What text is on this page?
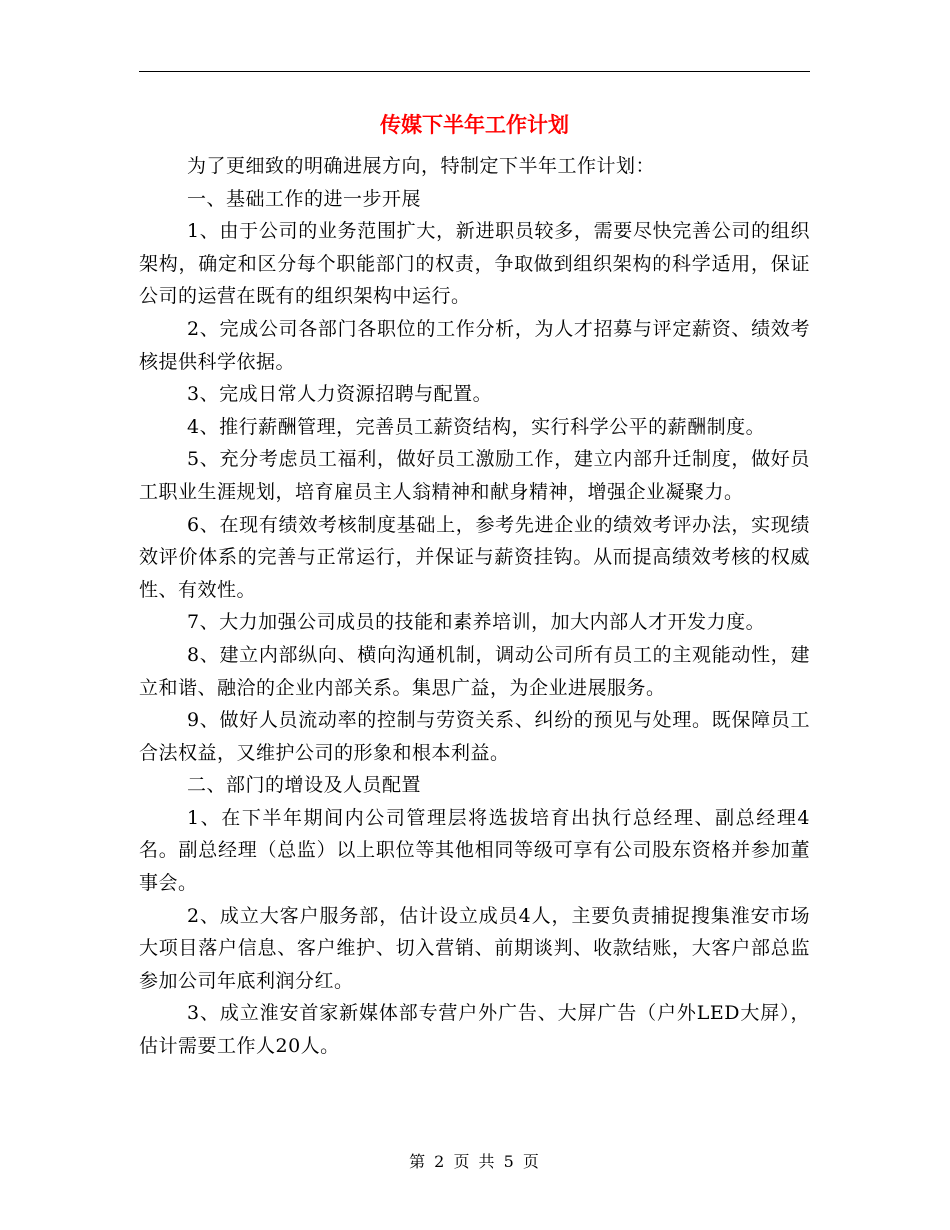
传媒下半年工作计划

为了更细致的明确进展方向，特制定下半年工作计划：

一、基础工作的进一步开展

1、由于公司的业务范围扩大，新进职员较多，需要尽快完善公司的组织架构，确定和区分每个职能部门的权责，争取做到组织架构的科学适用，保证公司的运营在既有的组织架构中运行。

2、完成公司各部门各职位的工作分析，为人才招募与评定薪资、绩效考核提供科学依据。

3、完成日常人力资源招聘与配置。

4、推行薪酬管理，完善员工薪资结构，实行科学公平的薪酬制度。

5、充分考虑员工福利，做好员工激励工作，建立内部升迁制度，做好员工职业生涯规划，培育雇员主人翁精神和献身精神，增强企业凝聚力。

6、在现有绩效考核制度基础上，参考先进企业的绩效考评办法，实现绩效评价体系的完善与正常运行，并保证与薪资挂钩。从而提高绩效考核的权威性、有效性。

7、大力加强公司成员的技能和素养培训，加大内部人才开发力度。

8、建立内部纵向、横向沟通机制，调动公司所有员工的主观能动性，建立和谐、融洽的企业内部关系。集思广益，为企业进展服务。

9、做好人员流动率的控制与劳资关系、纠纷的预见与处理。既保障员工合法权益，又维护公司的形象和根本利益。

二、部门的增设及人员配置

1、在下半年期间内公司管理层将选拔培育出执行总经理、副总经理4名。副总经理（总监）以上职位等其他相同等级可享有公司股东资格并参加董事会。

2、成立大客户服务部，估计设立成员4人，主要负责捕捉搜集淮安市场大项目落户信息、客户维护、切入营销、前期谈判、收款结账，大客户部总监参加公司年底利润分红。

3、成立淮安首家新媒体部专营户外广告、大屏广告（户外LED大屏），估计需要工作人20人。

第 2 页 共 5 页
